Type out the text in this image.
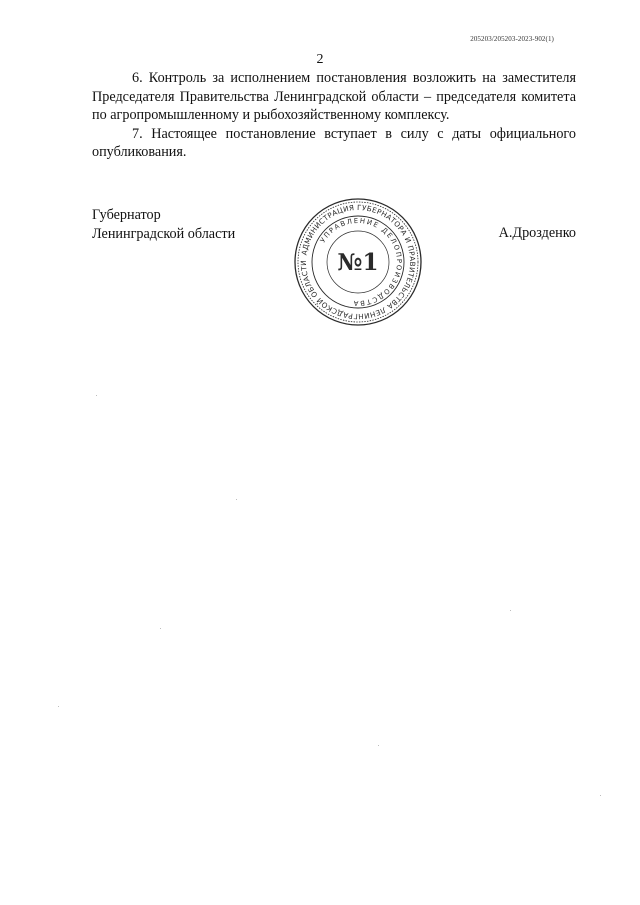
205203/205203-2023-902(1)
2

6. Контроль за исполнением постановления возложить на заместителя Председателя Правительства Ленинградской области – председателя комитета по агропромышленному и рыбохозяйственному комплексу.

7. Настоящее постановление вступает в силу с даты официального опубликования.

Губернатор
Ленинградской области	А.Дрозденко
АДМИНИСТРАЦИЯ ГУБЕРНАТОРА И ПРАВИТЕЛЬСТВА ЛЕНИНГРАДСКОЙ ОБЛАСТИ
УПРАВЛЕНИЕ ДЕЛОПРОИЗВОДСТВА
№1
